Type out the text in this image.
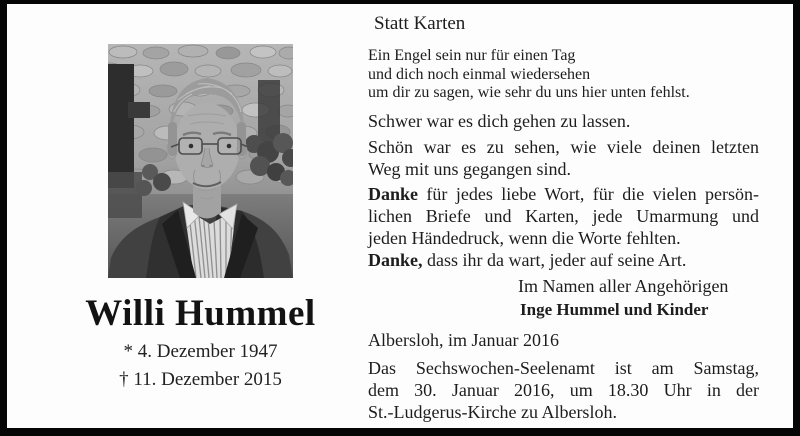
Willi Hummel
* 4. Dezember 1947
† 11. Dezember 2015
Statt Karten
Ein Engel sein nur für einen Tag
und dich noch einmal wiedersehen
um dir zu sagen, wie sehr du uns hier unten fehlst.
Schwer war es dich gehen zu lassen.
Schön war es zu sehen, wie viele deinen letzten
Weg mit uns gegangen sind.
Danke für jedes liebe Wort, für die vielen persön-
lichen Briefe und Karten, jede Umarmung und
jeden Händedruck, wenn die Worte fehlten.
Danke, dass ihr da wart, jeder auf seine Art.
Im Namen aller Angehörigen
Inge Hummel und Kinder
Albersloh, im Januar 2016
Das Sechswochen-Seelenamt ist am Samstag,
dem 30. Januar 2016, um 18.30 Uhr in der
St.-Ludgerus-Kirche zu Albersloh.
